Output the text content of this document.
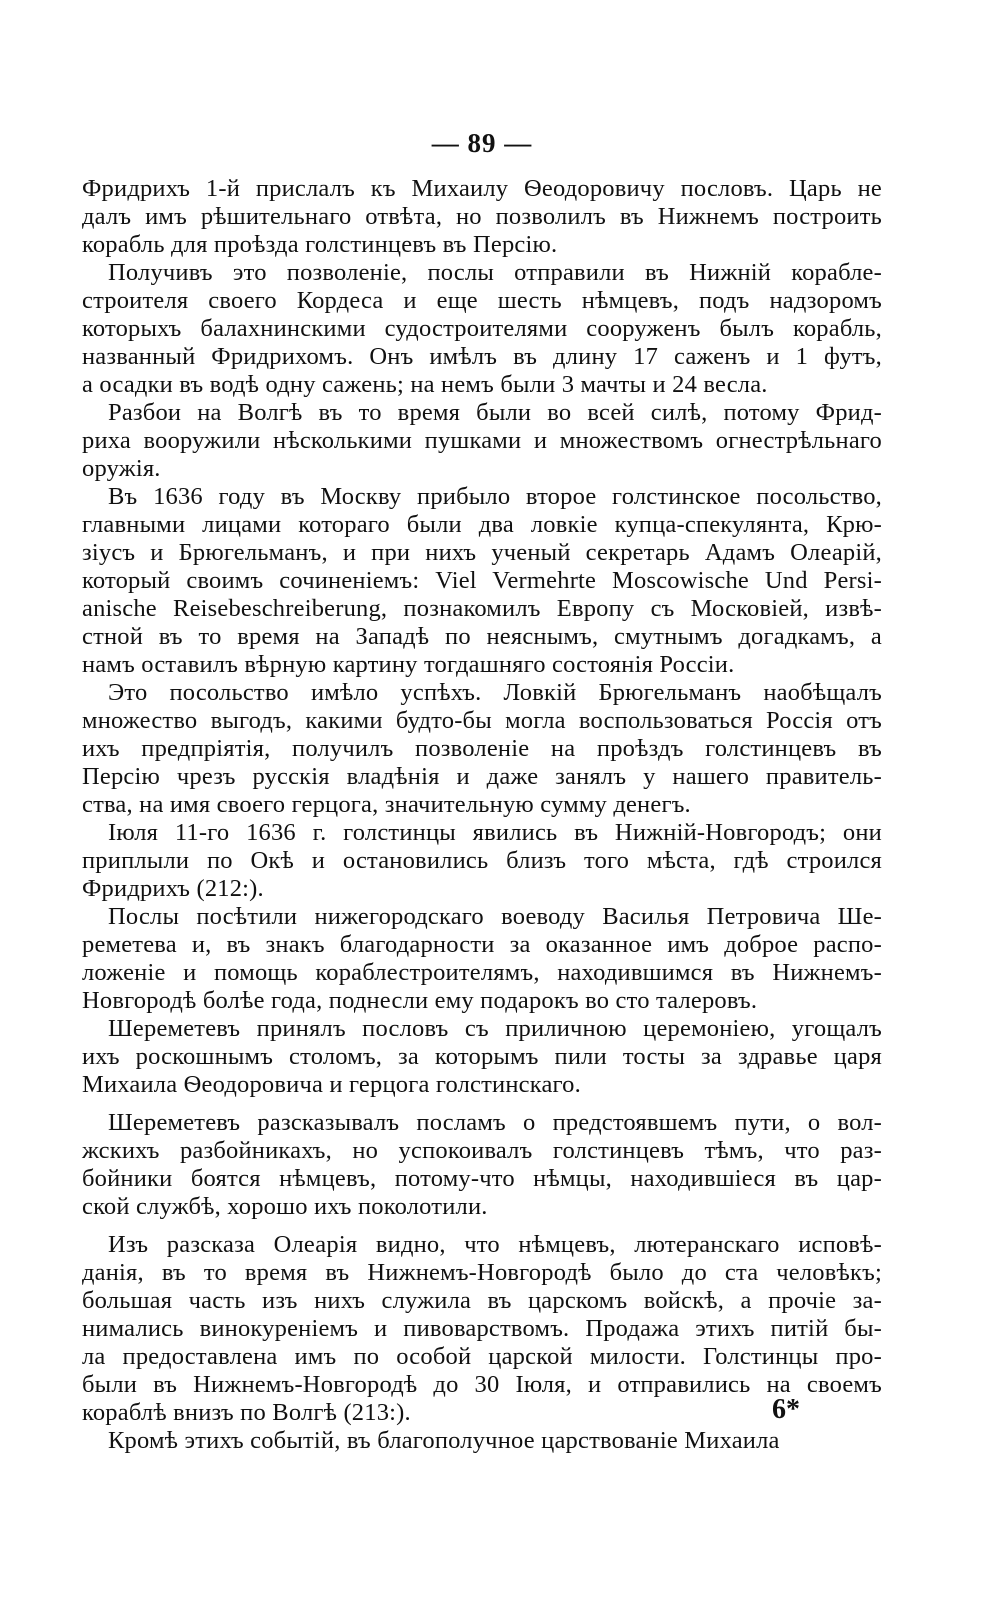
— 89 —
Фридрихъ 1-й прислалъ къ Михаилу Ѳеодоровичу пословъ. Царь не
далъ имъ рѣшительнаго отвѣта, но позволилъ въ Нижнемъ построить
корабль для проѣзда голстинцевъ въ Персію.
Получивъ это позволеніе, послы отправили въ Нижній корабле-
строителя своего Кордеса и еще шесть нѣмцевъ, подъ надзоромъ
которыхъ балахнинскими судостроителями сооруженъ былъ корабль,
названный Фридрихомъ. Онъ имѣлъ въ длину 17 саженъ и 1 футъ,
а осадки въ водѣ одну сажень; на немъ были 3 мачты и 24 весла.
Разбои на Волгѣ въ то время были во всей силѣ, потому Фрид-
риха вооружили нѣсколькими пушками и множествомъ огнестрѣльнаго
оружія.
Въ 1636 году въ Москву прибыло второе голстинское посольство,
главными лицами котораго были два ловкіе купца-спекулянта, Крю-
зіусъ и Брюгельманъ, и при нихъ ученый секретарь Адамъ Олеарій,
который своимъ сочиненіемъ: Viel Vermehrte Moscowische Und Persi-
anische Reisebeschreiberung, познакомилъ Европу съ Московіей, извѣ-
стной въ то время на Западѣ по неяснымъ, смутнымъ догадкамъ, а
намъ оставилъ вѣрную картину тогдашняго состоянія Россіи.
Это посольство имѣло успѣхъ. Ловкій Брюгельманъ наобѣщалъ
множество выгодъ, какими будто-бы могла воспользоваться Россія отъ
ихъ предпріятія, получилъ позволеніе на проѣздъ голстинцевъ въ
Персію чрезъ русскія владѣнія и даже занялъ у нашего правитель-
ства, на имя своего герцога, значительную сумму денегъ.
Іюля 11-го 1636 г. голстинцы явились въ Нижній-Новгородъ; они
приплыли по Окѣ и остановились близъ того мѣста, гдѣ строился
Фридрихъ (212:).
Послы посѣтили нижегородскаго воеводу Василья Петровича Ше-
реметева и, въ знакъ благодарности за оказанное имъ доброе распо-
ложеніе и помощь кораблестроителямъ, находившимся въ Нижнемъ-
Новгородѣ болѣе года, поднесли ему подарокъ во сто талеровъ.
Шереметевъ принялъ пословъ съ приличною церемоніею, угощалъ
ихъ роскошнымъ столомъ, за которымъ пили тосты за здравье царя
Михаила Ѳеодоровича и герцога голстинскаго.
Шереметевъ разсказывалъ посламъ о предстоявшемъ пути, о вол-
жскихъ разбойникахъ, но успокоивалъ голстинцевъ тѣмъ, что раз-
бойники боятся нѣмцевъ, потому-что нѣмцы, находившіеся въ цар-
ской службѣ, хорошо ихъ поколотили.
Изъ разсказа Олеарія видно, что нѣмцевъ, лютеранскаго исповѣ-
данія, въ то время въ Нижнемъ-Новгородѣ было до ста человѣкъ;
большая часть изъ нихъ служила въ царскомъ войскѣ, а прочіе за-
нимались винокуреніемъ и пивоварствомъ. Продажа этихъ питій бы-
ла предоставлена имъ по особой царской милости. Голстинцы про-
были въ Нижнемъ-Новгородѣ до 30 Іюля, и отправились на своемъ
кораблѣ внизъ по Волгѣ (213:).
Кромѣ этихъ событій, въ благополучное царствованіе Михаила
6*
